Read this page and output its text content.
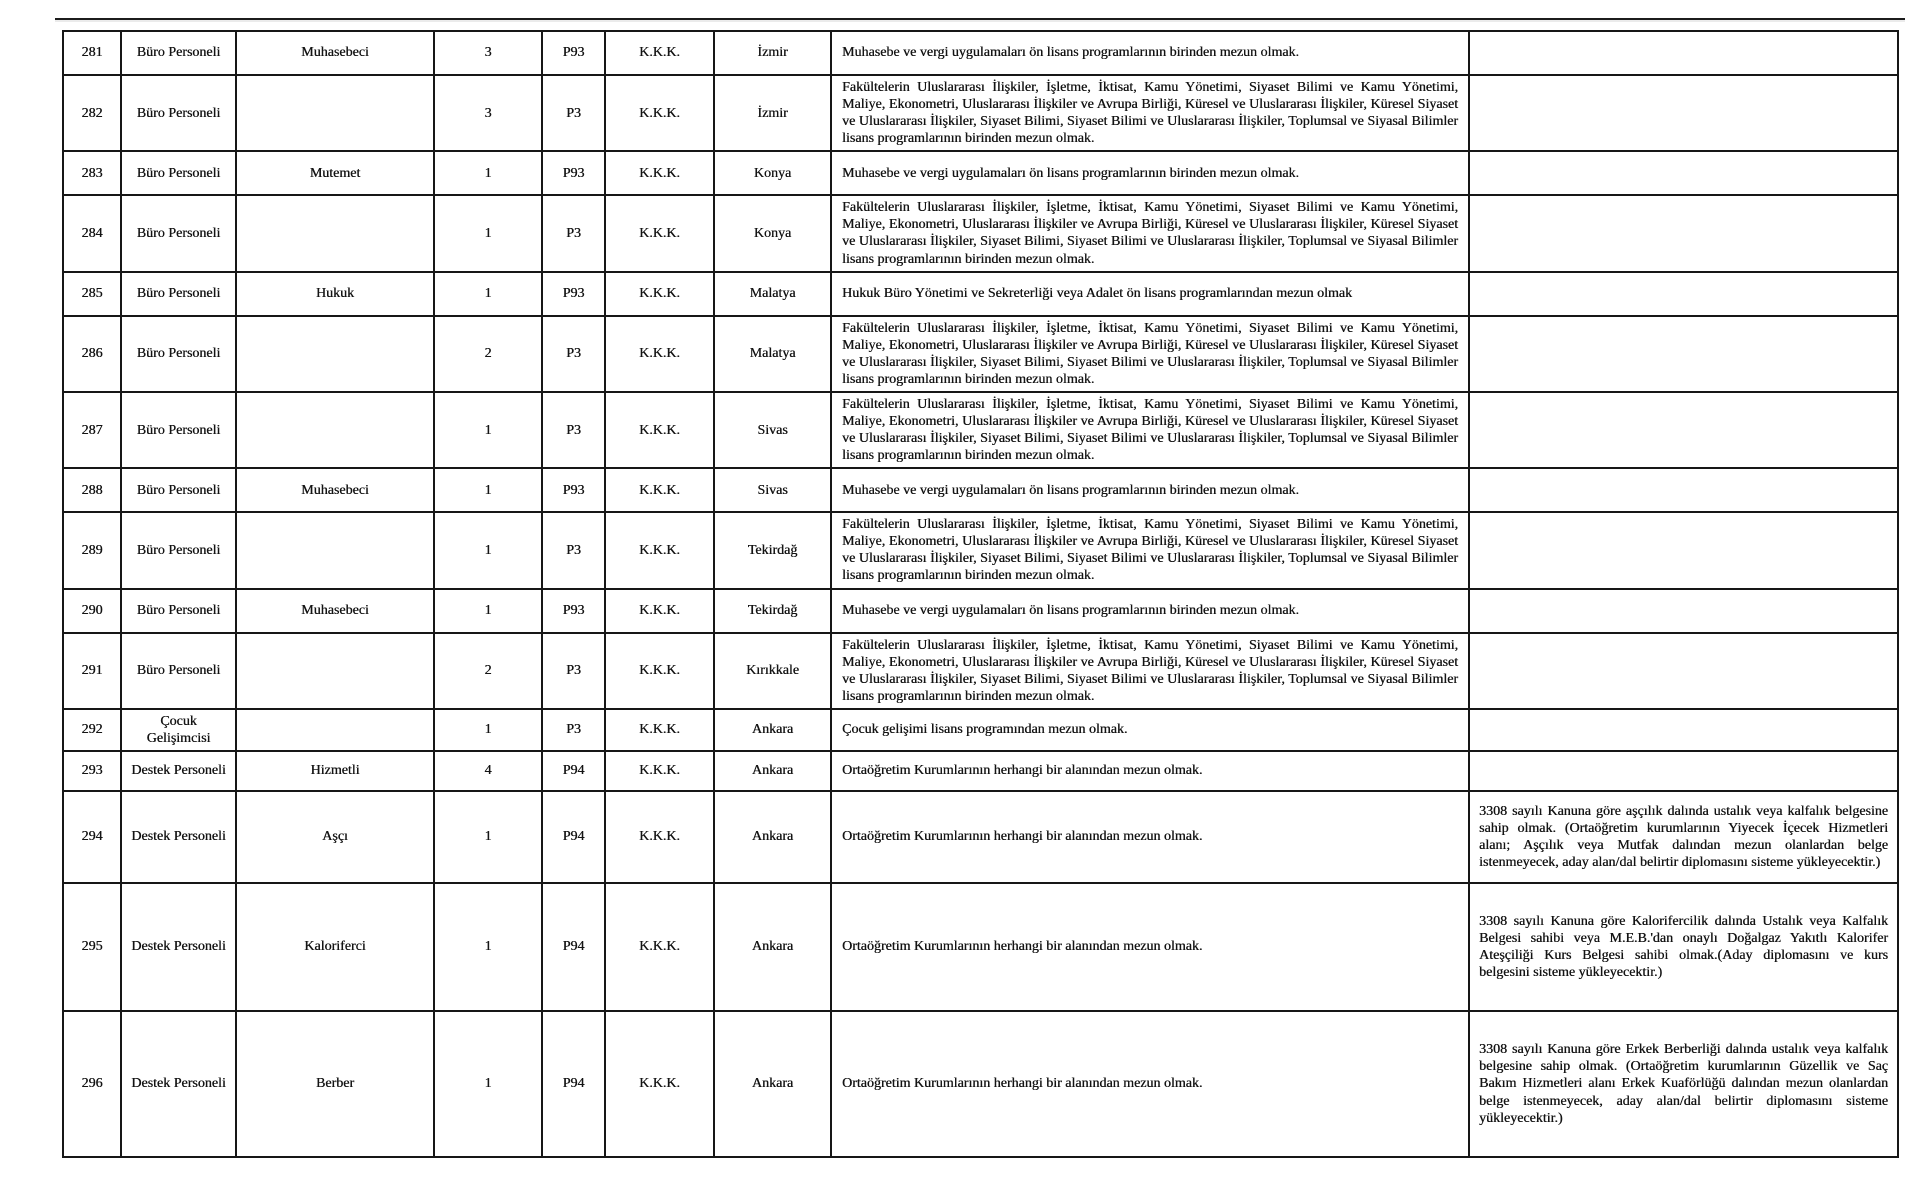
281	Büro Personeli	Muhasebeci	3	P93	K.K.K.	İzmir	Muhasebe ve vergi uygulamaları ön lisans programlarının birinden mezun olmak.	
282	Büro Personeli		3	P3	K.K.K.	İzmir	Fakültelerin Uluslararası İlişkiler, İşletme, İktisat, Kamu Yönetimi, Siyaset Bilimi ve Kamu Yönetimi, Maliye, Ekonometri, Uluslararası İlişkiler ve Avrupa Birliği, Küresel ve Uluslararası İlişkiler, Küresel Siyaset ve Uluslararası İlişkiler, Siyaset Bilimi, Siyaset Bilimi ve Uluslararası İlişkiler, Toplumsal ve Siyasal Bilimler lisans programlarının birinden mezun olmak.	
283	Büro Personeli	Mutemet	1	P93	K.K.K.	Konya	Muhasebe ve vergi uygulamaları ön lisans programlarının birinden mezun olmak.	
284	Büro Personeli		1	P3	K.K.K.	Konya	Fakültelerin Uluslararası İlişkiler, İşletme, İktisat, Kamu Yönetimi, Siyaset Bilimi ve Kamu Yönetimi, Maliye, Ekonometri, Uluslararası İlişkiler ve Avrupa Birliği, Küresel ve Uluslararası İlişkiler, Küresel Siyaset ve Uluslararası İlişkiler, Siyaset Bilimi, Siyaset Bilimi ve Uluslararası İlişkiler, Toplumsal ve Siyasal Bilimler lisans programlarının birinden mezun olmak.	
285	Büro Personeli	Hukuk	1	P93	K.K.K.	Malatya	Hukuk Büro Yönetimi ve Sekreterliği veya Adalet ön lisans programlarından mezun olmak	
286	Büro Personeli		2	P3	K.K.K.	Malatya	Fakültelerin Uluslararası İlişkiler, İşletme, İktisat, Kamu Yönetimi, Siyaset Bilimi ve Kamu Yönetimi, Maliye, Ekonometri, Uluslararası İlişkiler ve Avrupa Birliği, Küresel ve Uluslararası İlişkiler, Küresel Siyaset ve Uluslararası İlişkiler, Siyaset Bilimi, Siyaset Bilimi ve Uluslararası İlişkiler, Toplumsal ve Siyasal Bilimler lisans programlarının birinden mezun olmak.	
287	Büro Personeli		1	P3	K.K.K.	Sivas	Fakültelerin Uluslararası İlişkiler, İşletme, İktisat, Kamu Yönetimi, Siyaset Bilimi ve Kamu Yönetimi, Maliye, Ekonometri, Uluslararası İlişkiler ve Avrupa Birliği, Küresel ve Uluslararası İlişkiler, Küresel Siyaset ve Uluslararası İlişkiler, Siyaset Bilimi, Siyaset Bilimi ve Uluslararası İlişkiler, Toplumsal ve Siyasal Bilimler lisans programlarının birinden mezun olmak.	
288	Büro Personeli	Muhasebeci	1	P93	K.K.K.	Sivas	Muhasebe ve vergi uygulamaları ön lisans programlarının birinden mezun olmak.	
289	Büro Personeli		1	P3	K.K.K.	Tekirdağ	Fakültelerin Uluslararası İlişkiler, İşletme, İktisat, Kamu Yönetimi, Siyaset Bilimi ve Kamu Yönetimi, Maliye, Ekonometri, Uluslararası İlişkiler ve Avrupa Birliği, Küresel ve Uluslararası İlişkiler, Küresel Siyaset ve Uluslararası İlişkiler, Siyaset Bilimi, Siyaset Bilimi ve Uluslararası İlişkiler, Toplumsal ve Siyasal Bilimler lisans programlarının birinden mezun olmak.	
290	Büro Personeli	Muhasebeci	1	P93	K.K.K.	Tekirdağ	Muhasebe ve vergi uygulamaları ön lisans programlarının birinden mezun olmak.	
291	Büro Personeli		2	P3	K.K.K.	Kırıkkale	Fakültelerin Uluslararası İlişkiler, İşletme, İktisat, Kamu Yönetimi, Siyaset Bilimi ve Kamu Yönetimi, Maliye, Ekonometri, Uluslararası İlişkiler ve Avrupa Birliği, Küresel ve Uluslararası İlişkiler, Küresel Siyaset ve Uluslararası İlişkiler, Siyaset Bilimi, Siyaset Bilimi ve Uluslararası İlişkiler, Toplumsal ve Siyasal Bilimler lisans programlarının birinden mezun olmak.	
292	Çocuk Gelişimcisi		1	P3	K.K.K.	Ankara	Çocuk gelişimi lisans programından mezun olmak.	
293	Destek Personeli	Hizmetli	4	P94	K.K.K.	Ankara	Ortaöğretim Kurumlarının herhangi bir alanından mezun olmak.	
294	Destek Personeli	Aşçı	1	P94	K.K.K.	Ankara	Ortaöğretim Kurumlarının herhangi bir alanından mezun olmak.	3308 sayılı Kanuna göre aşçılık dalında ustalık veya kalfalık belgesine sahip olmak. (Ortaöğretim kurumlarının Yiyecek İçecek Hizmetleri alanı; Aşçılık veya Mutfak dalından mezun olanlardan belge istenmeyecek, aday alan/dal belirtir diplomasını sisteme yükleyecektir.)
295	Destek Personeli	Kaloriferci	1	P94	K.K.K.	Ankara	Ortaöğretim Kurumlarının herhangi bir alanından mezun olmak.	3308 sayılı Kanuna göre Kalorifercilik dalında Ustalık veya Kalfalık Belgesi sahibi veya M.E.B.'dan onaylı Doğalgaz Yakıtlı Kalorifer Ateşçiliği Kurs Belgesi sahibi olmak.(Aday diplomasını ve kurs belgesini sisteme yükleyecektir.)
296	Destek Personeli	Berber	1	P94	K.K.K.	Ankara	Ortaöğretim Kurumlarının herhangi bir alanından mezun olmak.	3308 sayılı Kanuna göre Erkek Berberliği dalında ustalık veya kalfalık belgesine sahip olmak. (Ortaöğretim kurumlarının Güzellik ve Saç Bakım Hizmetleri alanı Erkek Kuaförlüğü dalından mezun olanlardan belge istenmeyecek, aday alan/dal belirtir diplomasını sisteme yükleyecektir.)
